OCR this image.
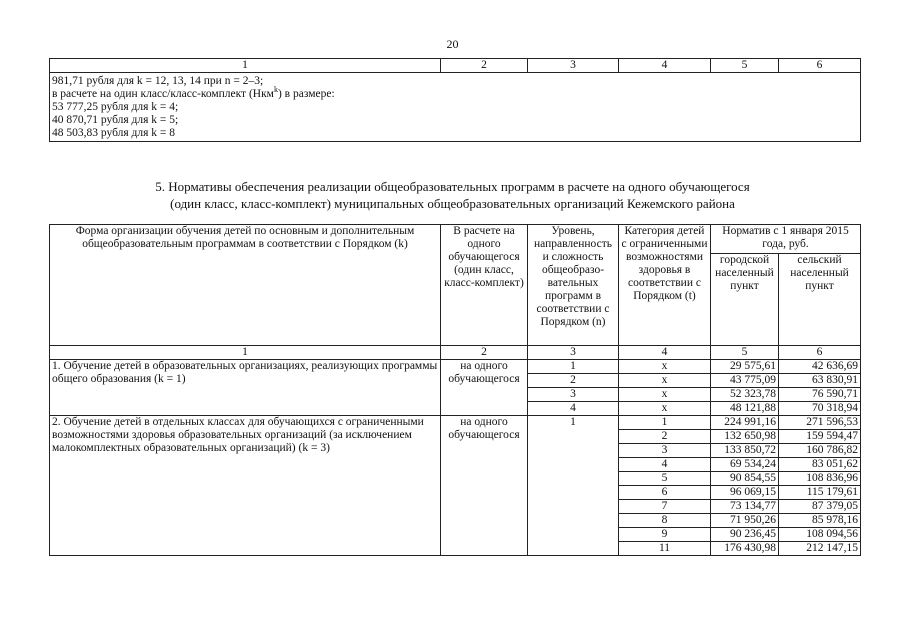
20
1	2	3	4	5	6

981,71 рубля для k = 12, 13, 14 при n = 2–3;
в расчете на один класс/класс-комплект (Нкм$^k$) в размере:
53 777,25 рубля для k = 4;
40 870,71 рубля для k = 5;
48 503,83 рубля для k = 8
5. Нормативы обеспечения реализации общеобразовательных программ в расчете на одного обучающегося
(один класс, класс-комплект) муниципальных общеобразовательных организаций Кежемского района
Форма организации обучения детей по основным и дополнительным общеобразовательным программам в соответствии с Порядком (k)	В расчете на одного обучающегося (один класс, класс-комплект)	Уровень, направленность и сложность общеобразо-вательных программ в соответствии с Порядком (n)	Категория детей с ограниченными возможностями здоровья в соответствии с Порядком (t)	Норматив с 1 января 2015 года, руб.	
				городской населенный пункт	сельский населенный пункт
1	2	3	4	5	6
1. Обучение детей в образовательных организациях, реализующих программы общего образования (k = 1)	на одного обучающегося	1	x	29 575,61	42 636,69
		2	x	43 775,09	63 830,91
		3	x	52 323,78	76 590,71
		4	x	48 121,88	70 318,94
2. Обучение детей в отдельных классах для обучающихся с ограниченными возможностями здоровья образовательных организаций (за исключением малокомплектных образовательных организаций) (k = 3)	на одного обучающегося	1	1	224 991,16	271 596,53
			2	132 650,98	159 594,47
			3	133 850,72	160 786,82
			4	69 534,24	83 051,62
			5	90 854,55	108 836,96
			6	96 069,15	115 179,61
			7	73 134,77	87 379,05
			8	71 950,26	85 978,16
			9	90 236,45	108 094,56
			11	176 430,98	212 147,15
